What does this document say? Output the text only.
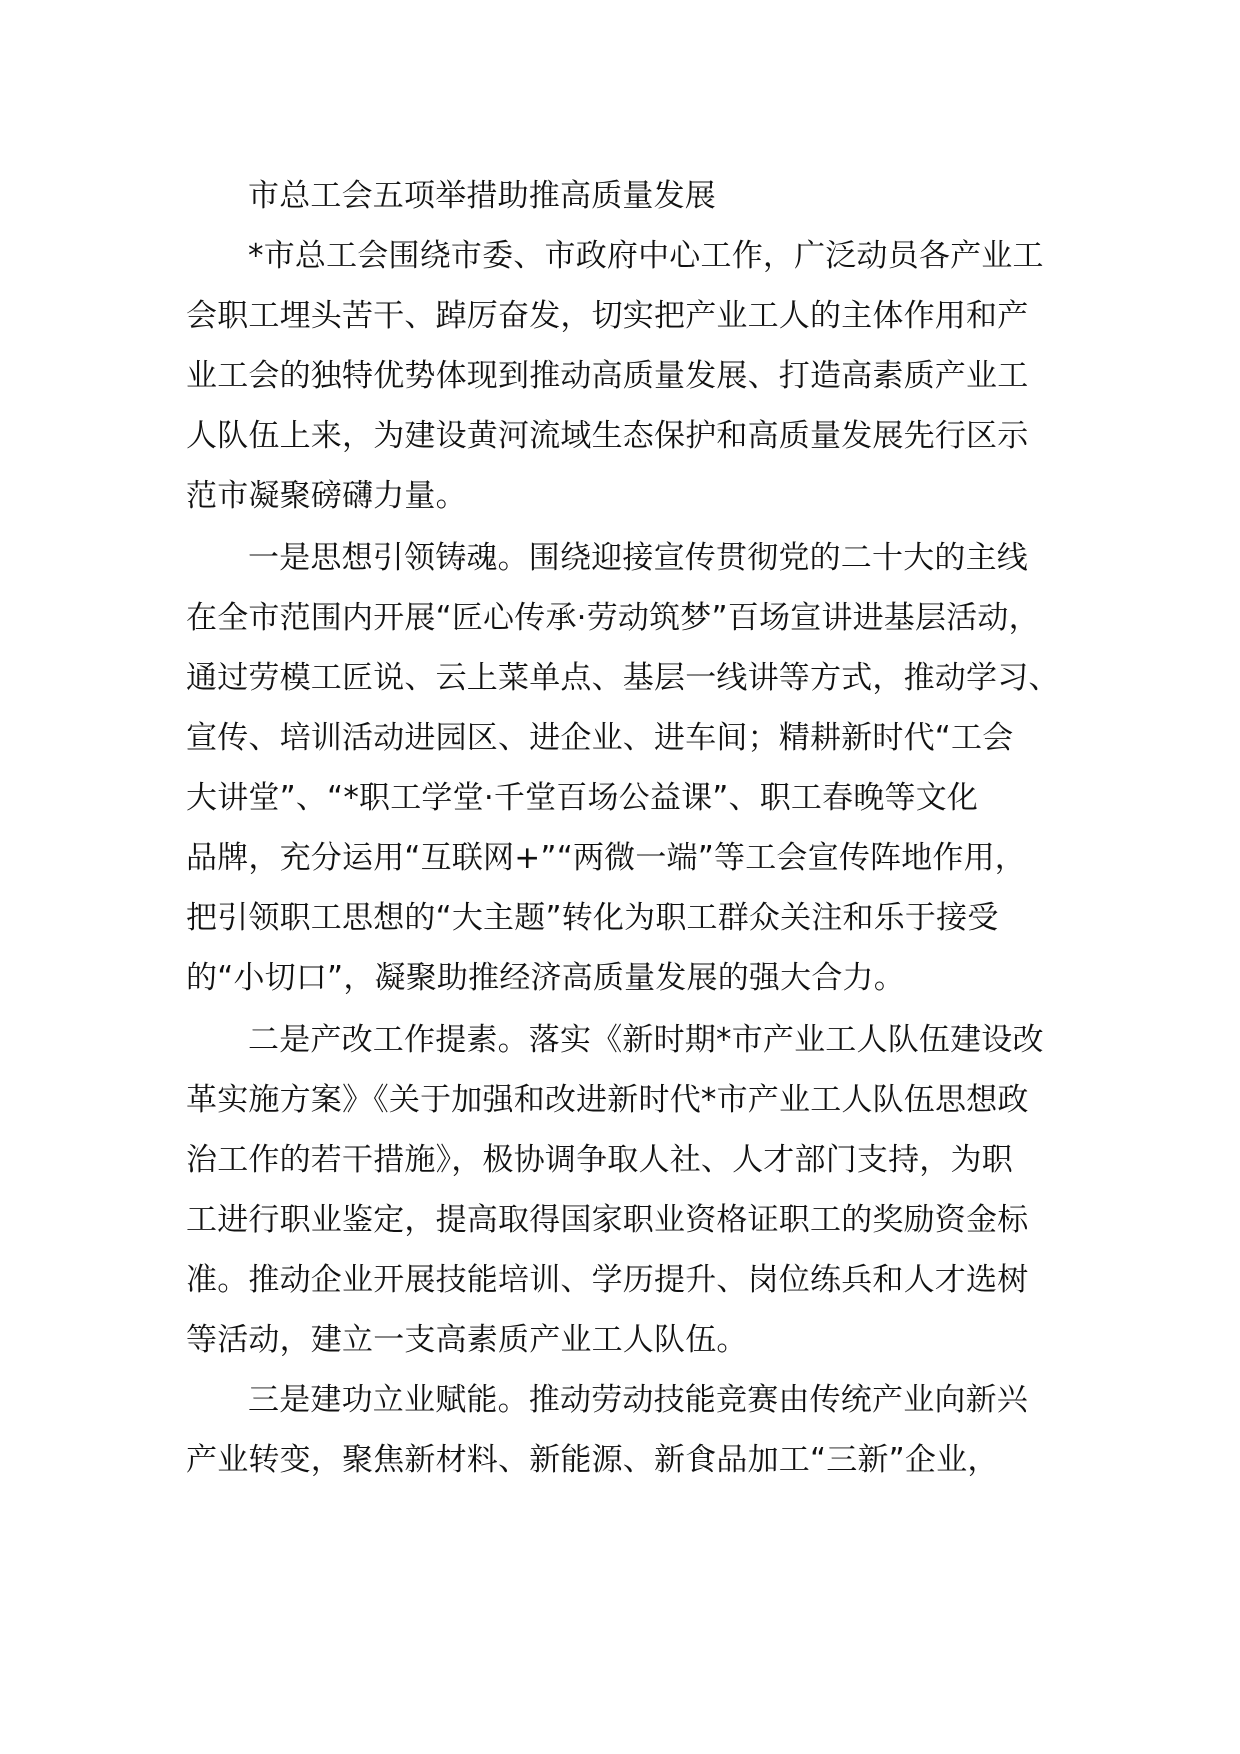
市总工会五项举措助推高质量发展
*市总工会围绕市委、市政府中心工作，广泛动员各产业工
会职工埋头苦干、踔厉奋发，切实把产业工人的主体作用和产
业工会的独特优势体现到推动高质量发展、打造高素质产业工
人队伍上来，为建设黄河流域生态保护和高质量发展先行区示
范市凝聚磅礴力量。
一是思想引领铸魂。围绕迎接宣传贯彻党的二十大的主线
在全市范围内开展“匠心传承·劳动筑梦”百场宣讲进基层活动，
通过劳模工匠说、云上菜单点、基层一线讲等方式，推动学习、
宣传、培训活动进园区、进企业、进车间；精耕新时代“工会
大讲堂”、“*职工学堂·千堂百场公益课”、职工春晚等文化
品牌，充分运用“互联网+”“两微一端”等工会宣传阵地作用，
把引领职工思想的“大主题”转化为职工群众关注和乐于接受
的“小切口”，凝聚助推经济高质量发展的强大合力。
二是产改工作提素。落实《新时期*市产业工人队伍建设改
革实施方案》《关于加强和改进新时代*市产业工人队伍思想政
治工作的若干措施》，极协调争取人社、人才部门支持，为职
工进行职业鉴定，提高取得国家职业资格证职工的奖励资金标
准。推动企业开展技能培训、学历提升、岗位练兵和人才选树
等活动，建立一支高素质产业工人队伍。
三是建功立业赋能。推动劳动技能竞赛由传统产业向新兴
产业转变，聚焦新材料、新能源、新食品加工“三新”企业，
